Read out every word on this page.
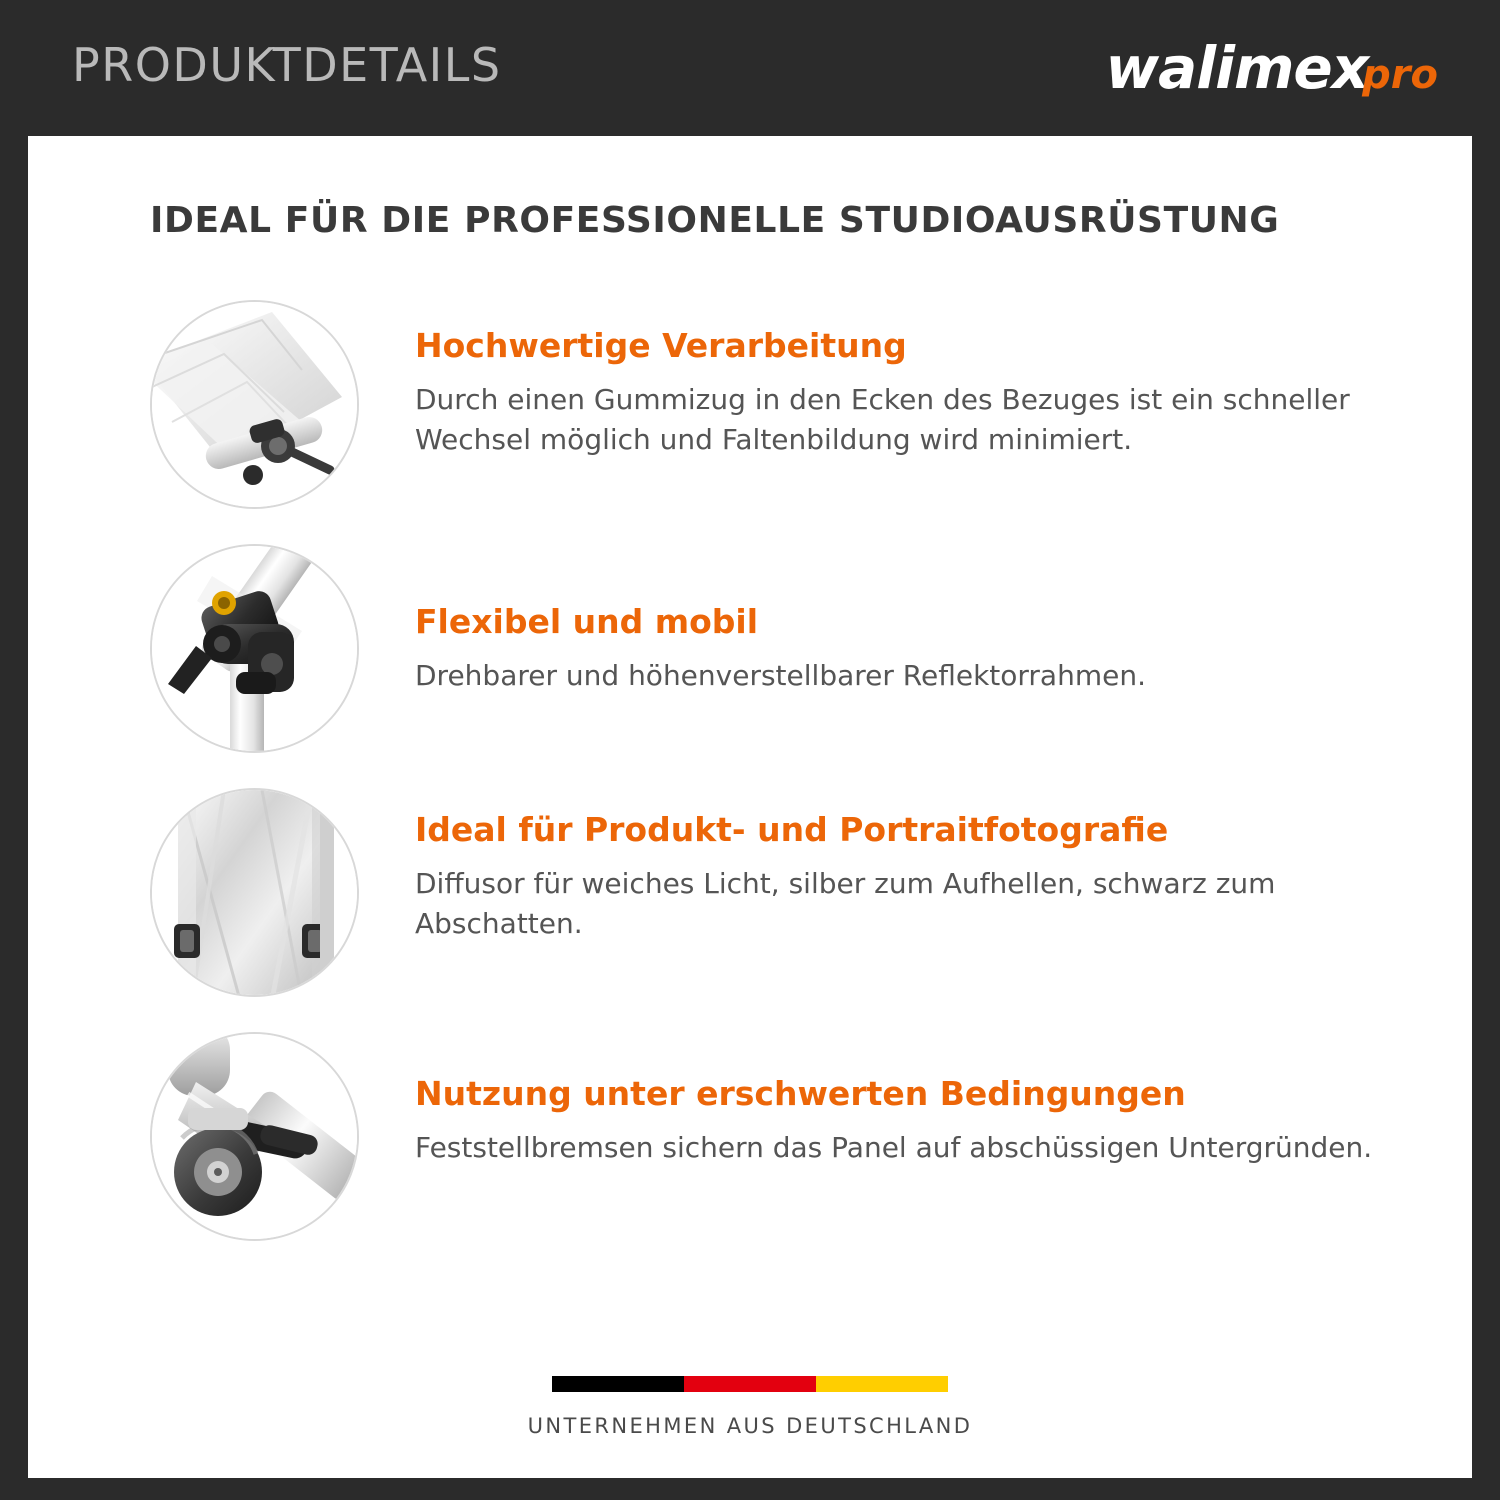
PRODUKTDETAILS	walimex
pro
IDEAL FÜR DIE PROFESSIONELLE STUDIOAUSRÜSTUNG
Hochwertige Verarbeitung
Durch einen Gummizug in den Ecken des Bezuges ist ein schneller Wechsel möglich und Faltenbildung wird minimiert.
Flexibel und mobil
Drehbarer und höhenverstellbarer Reflektorrahmen.
Ideal für Produkt- und Portraitfotografie
Diffusor für weiches Licht, silber zum Aufhellen, schwarz zum Abschatten.
Nutzung unter erschwerten Bedingungen
Feststellbremsen sichern das Panel auf abschüssigen Untergründen.
UNTERNEHMEN AUS DEUTSCHLAND
